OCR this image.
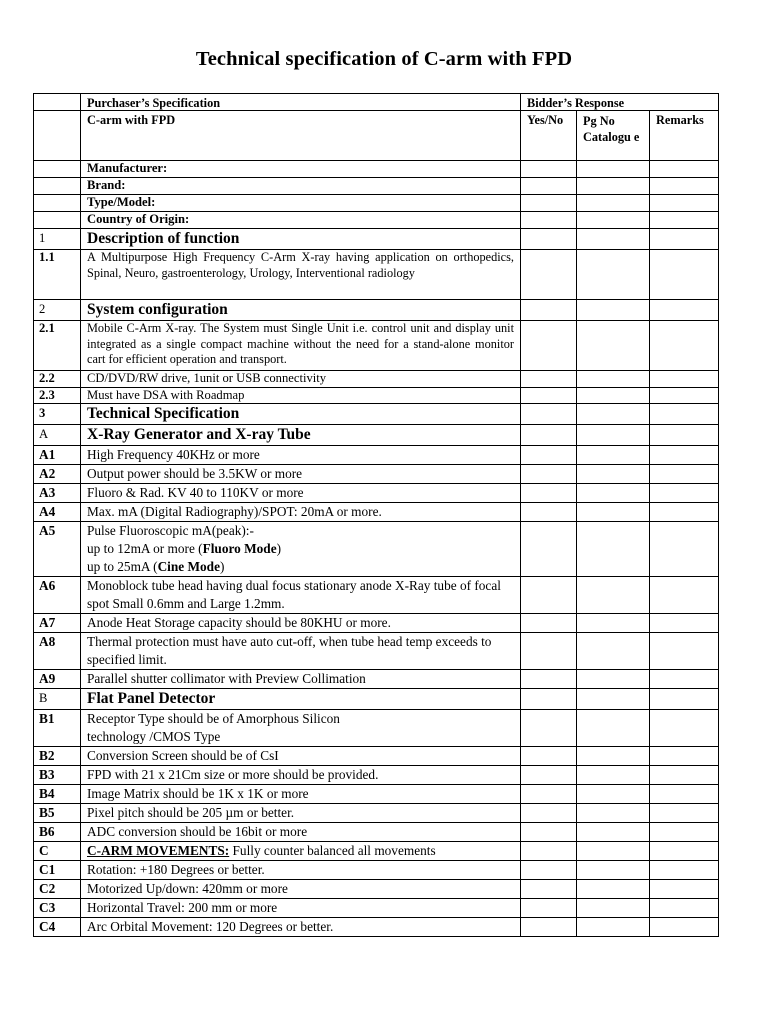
Technical specification of C-arm with FPD
	Purchaser’s Specification	Bidder’s Response		
	C-arm with FPD	Yes/No	Pg No Catalogu e	Remarks
	Manufacturer:			
	Brand:			
	Type/Model:			
	Country of Origin:			
1	Description of function			
1.1	A Multipurpose High Frequency C-Arm X-ray having application on orthopedics, Spinal, Neuro, gastroenterology, Urology, Interventional radiology			
2	System configuration			
2.1	Mobile C-Arm X-ray. The System must Single Unit i.e. control unit and display unit integrated as a single compact machine without the need for a stand-alone monitor cart for efficient operation and transport.			
2.2	CD/DVD/RW drive, 1unit or USB connectivity			
2.3	Must have DSA with Roadmap			
3	Technical Specification			
A	X-Ray Generator and X-ray Tube			
A1	High Frequency 40KHz or more			
A2	Output power should be 3.5KW or more			
A3	Fluoro & Rad. KV 40 to 110KV or more			
A4	Max. mA (Digital Radiography)/SPOT: 20mA or more.			
A5	Pulse Fluoroscopic mA(peak):-
up to 12mA or more (Fluoro Mode)
up to 25mA (Cine Mode)			

A6	Monoblock tube head having dual focus stationary anode X-Ray tube of focal spot Small 0.6mm and Large 1.2mm.			
A7	Anode Heat Storage capacity should be 80KHU or more.			
A8	Thermal protection must have auto cut-off, when tube head temp exceeds to specified limit.			
A9	Parallel shutter collimator with Preview Collimation			
B	Flat Panel Detector			
B1	Receptor Type should be of Amorphous Silicon technology /CMOS Type			
B2	Conversion Screen should be of CsI			
B3	FPD with 21 x 21Cm size or more should be provided.			
B4	Image Matrix should be 1K x 1K or more			
B5	Pixel pitch should be 205 µm or better.			
B6	ADC conversion should be 16bit or more			
C	C-ARM MOVEMENTS: Fully counter balanced all movements			
C1	Rotation: +180 Degrees or better.			
C2	Motorized Up/down: 420mm or more			
C3	Horizontal Travel: 200 mm or more			
C4	Arc Orbital Movement: 120 Degrees or better.			
